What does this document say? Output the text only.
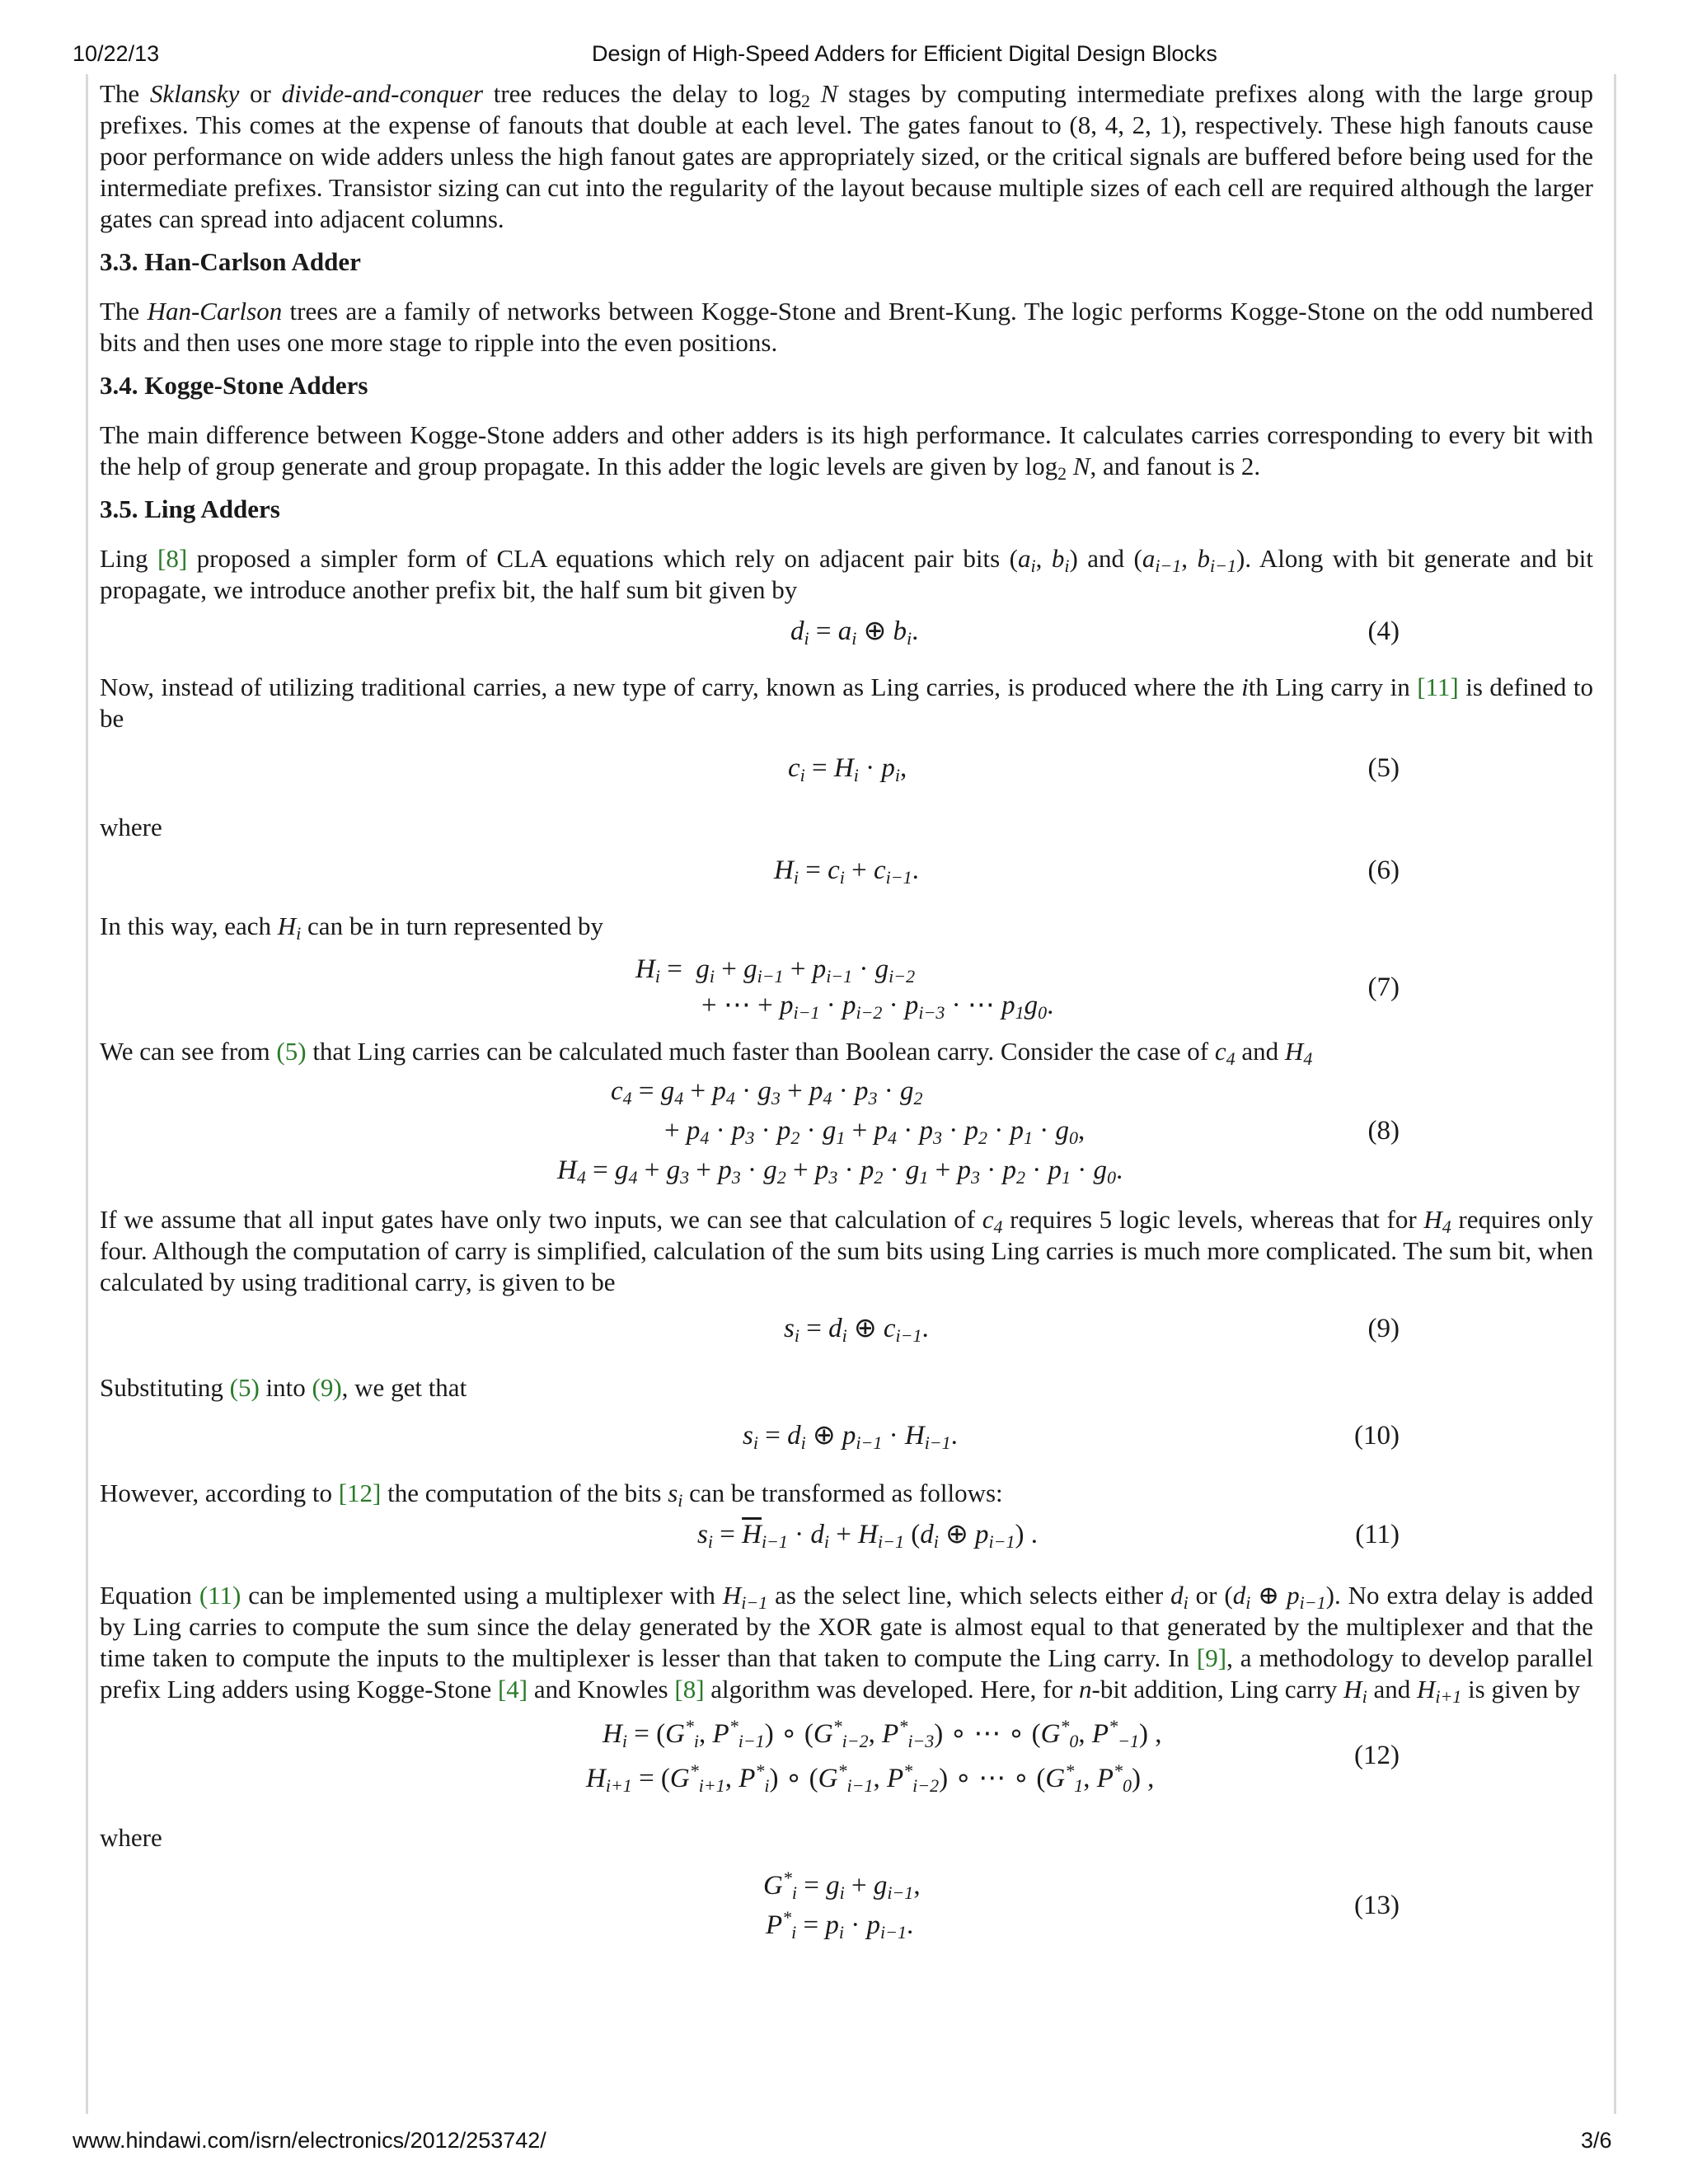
10/22/13	Design of High-Speed Adders for Efficient Digital Design Blocks

The Sklansky or divide-and-conquer tree reduces the delay to $\log_2 N$ stages by computing intermediate prefixes along with the large group prefixes. This comes at the expense of fanouts that double at each level. The gates fanout to (8, 4, 2, 1), respectively. These high fanouts cause poor performance on wide adders unless the high fanout gates are appropriately sized, or the critical signals are buffered before being used for the intermediate prefixes. Transistor sizing can cut into the regularity of the layout because multiple sizes of each cell are required although the larger gates can spread into adjacent columns.

3.3. Han-Carlson Adder

The Han-Carlson trees are a family of networks between Kogge-Stone and Brent-Kung. The logic performs Kogge-Stone on the odd numbered bits and then uses one more stage to ripple into the even positions.

3.4. Kogge-Stone Adders

The main difference between Kogge-Stone adders and other adders is its high performance. It calculates carries corresponding to every bit with the help of group generate and group propagate. In this adder the logic levels are given by $\log_2 N$, and fanout is 2.

3.5. Ling Adders

Ling [8] proposed a simpler form of CLA equations which rely on adjacent pair bits ($a_i$, $b_i$) and ($a_{i-1}$, $b_{i-1}$). Along with bit generate and bit propagate, we introduce another prefix bit, the half sum bit given by

$d_i = a_i$ ⊕ $b_i$.	(4)

Now, instead of utilizing traditional carries, a new type of carry, known as Ling carries, is produced where the ith Ling carry in [11] is defined to be

$c_i = H_i \cdot p_i$,	(5)

where

$H_i = c_i + c_{i-1}$.	(6)

In this way, each $H_i$ can be in turn represented by

$H_i = g_i + g_{i-1} + p_{i-1} \cdot g_{i-2}$
+ ⋯ + $p_{i-1} \cdot p_{i-2} \cdot p_{i-3}$ · ⋯ $p_1g_0$.
(7)

We can see from (5) that Ling carries can be calculated much faster than Boolean carry. Consider the case of $c_4$ and $H_4$

$c_4 = g_4 + p_4 \cdot g_3 + p_4 \cdot p_3 \cdot g_2$
+ $p_4 \cdot p_3 \cdot p_2 \cdot g_1 + p_4 \cdot p_3 \cdot p_2 \cdot p_1 \cdot g_0$,
$H_4 = g_4 + g_3 + p_3 \cdot g_2 + p_3 \cdot p_2 \cdot g_1 + p_3 \cdot p_2 \cdot p_1 \cdot g_0$.
(8)

If we assume that all input gates have only two inputs, we can see that calculation of $c_4$ requires 5 logic levels, whereas that for $H_4$ requires only four. Although the computation of carry is simplified, calculation of the sum bits using Ling carries is much more complicated. The sum bit, when calculated by using traditional carry, is given to be

$s_i = d_i$ ⊕ $c_{i-1}$.	(9)

Substituting (5) into (9), we get that

$s_i = d_i$ ⊕ $p_{i-1} \cdot H_{i-1}$.	(10)

However, according to [12] the computation of the bits $s_i$ can be transformed as follows:

$s_i = \overline{H}_{i-1} \cdot d_i + H_{i-1}$ ($d_i$ ⊕ $p_{i-1}$) .	(11)

Equation (11) can be implemented using a multiplexer with $H_{i-1}$ as the select line, which selects either $d_i$ or ($d_i$ ⊕ $p_{i-1}$). No extra delay is added by Ling carries to compute the sum since the delay generated by the XOR gate is almost equal to that generated by the multiplexer and that the time taken to compute the inputs to the multiplexer is lesser than that taken to compute the Ling carry. In [9], a methodology to develop parallel prefix Ling adders using Kogge-Stone [4] and Knowles [8] algorithm was developed. Here, for n-bit addition, Ling carry $H_i$ and $H_{i+1}$ is given by

$H_i = (G^*_i$, $P^*_{i-1}$) ∘ ($G^*_{i-2}$, $P^*_{i-3}$) ∘ ⋯ ∘ ($G^*_0$, $P^*_{-1}$) ,
$H_{i+1} = (G^*_{i+1}$, $P^*_i$) ∘ ($G^*_{i-1}$, $P^*_{i-2}$) ∘ ⋯ ∘ ($G^*_1$, $P^*_0$) ,
(12)

where

$G^*_i = g_i + g_{i-1}$,
$P^*_i = p_i \cdot p_{i-1}$.
(13)
www.hindawi.com/isrn/electronics/2012/253742/	3/6
